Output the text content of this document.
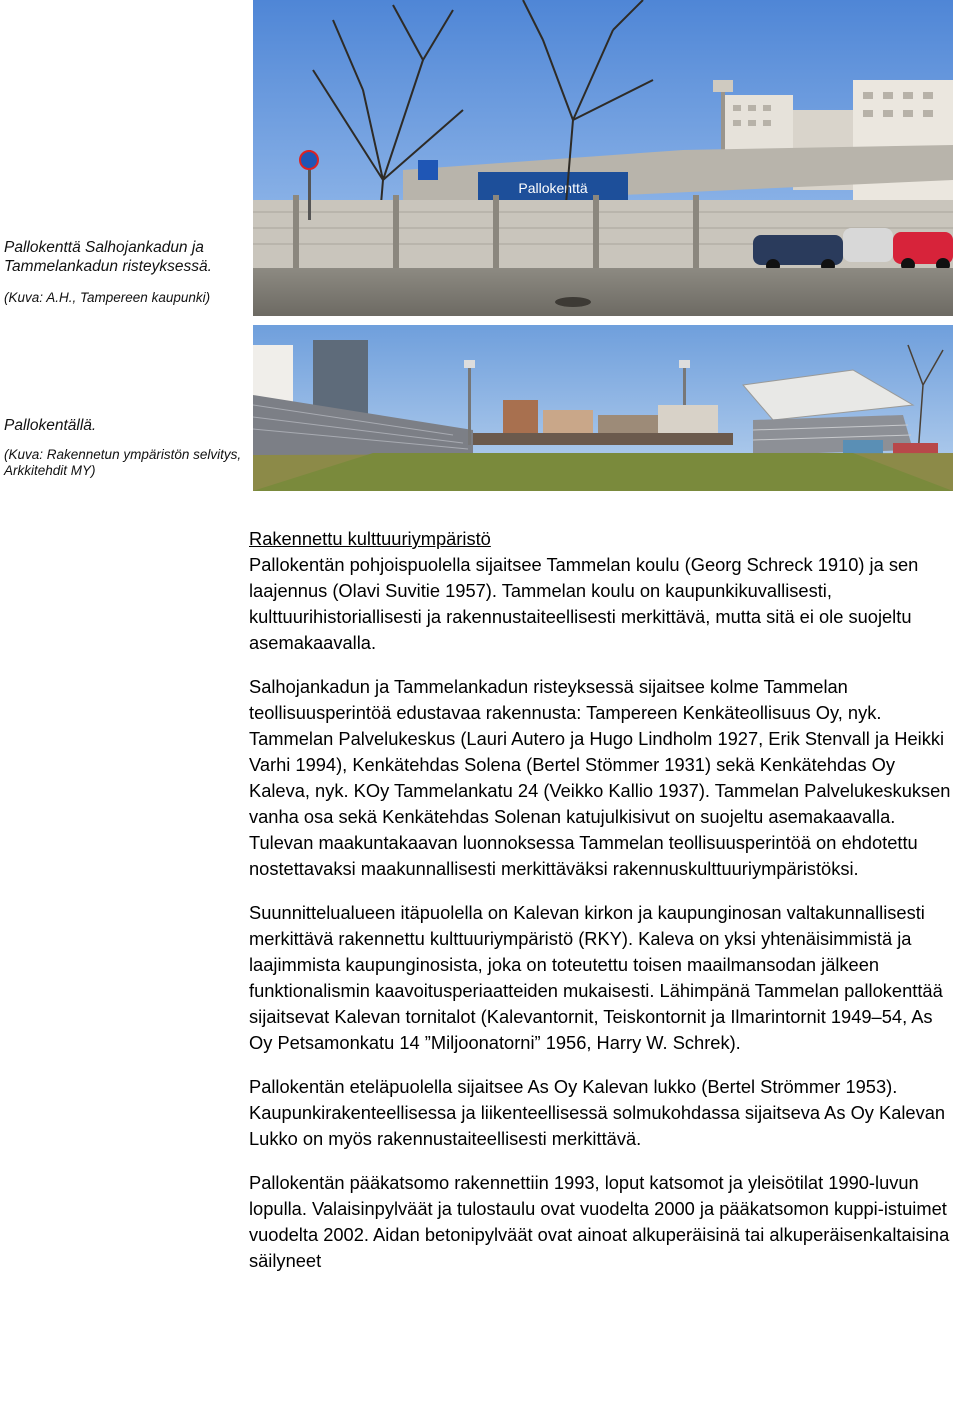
Pallokenttä Salhojankadun ja Tammelankadun risteyksessä.
(Kuva: A.H., Tampereen kaupunki)
Pallokenttä
Pallokentällä.
(Kuva: Rakennetun ympäristön selvitys, Arkkitehdit MY)

Rakennettu kulttuuriympäristö
Pallokentän pohjoispuolella sijaitsee Tammelan koulu (Georg Schreck 1910) ja sen laajennus (Olavi Suvitie 1957). Tammelan koulu on kaupunkikuvallisesti, kulttuurihistoriallisesti ja rakennustaiteellisesti merkittävä, mutta sitä ei ole suojeltu asemakaavalla.

Salhojankadun ja Tammelankadun risteyksessä sijaitsee kolme Tammelan teollisuusperintöä edustavaa rakennusta: Tampereen Kenkäteollisuus Oy, nyk. Tammelan Palvelukeskus (Lauri Autero ja Hugo Lindholm 1927, Erik Stenvall ja Heikki Varhi 1994), Kenkätehdas Solena (Bertel Stömmer 1931) sekä Kenkätehdas Oy Kaleva, nyk. KOy Tammelankatu 24 (Veikko Kallio 1937). Tammelan Palvelukeskuksen vanha osa sekä Kenkätehdas Solenan katujulkisivut on suojeltu asemakaavalla. Tulevan maakuntakaavan luonnoksessa Tammelan teollisuusperintöä on ehdotettu nostettavaksi maakunnallisesti merkittäväksi rakennuskulttuuriympäristöksi.

Suunnittelualueen itäpuolella on Kalevan kirkon ja kaupunginosan valtakunnallisesti merkittävä rakennettu kulttuuriympäristö (RKY). Kaleva on yksi yhtenäisimmistä ja laajimmista kaupunginosista, joka on toteutettu toisen maailmansodan jälkeen funktionalismin kaavoitusperiaatteiden mukaisesti. Lähimpänä Tammelan pallokenttää sijaitsevat Kalevan tornitalot (Kalevantornit, Teiskontornit ja Ilmarintornit 1949–54, As Oy Petsamonkatu 14 ”Miljoonatorni” 1956, Harry W. Schrek).

Pallokentän eteläpuolella sijaitsee As Oy Kalevan lukko (Bertel Strömmer 1953). Kaupunkirakenteellisessa ja liikenteellisessä solmukohdassa sijaitseva As Oy Kalevan Lukko on myös rakennustaiteellisesti merkittävä.

Pallokentän pääkatsomo rakennettiin 1993, loput katsomot ja yleisötilat 1990-luvun lopulla. Valaisinpylväät ja tulostaulu ovat vuodelta 2000 ja pääkatsomon kuppi-istuimet vuodelta 2002. Aidan betonipylväät ovat ainoat alkuperäisinä tai alkuperäisenkaltaisina säilyneet
